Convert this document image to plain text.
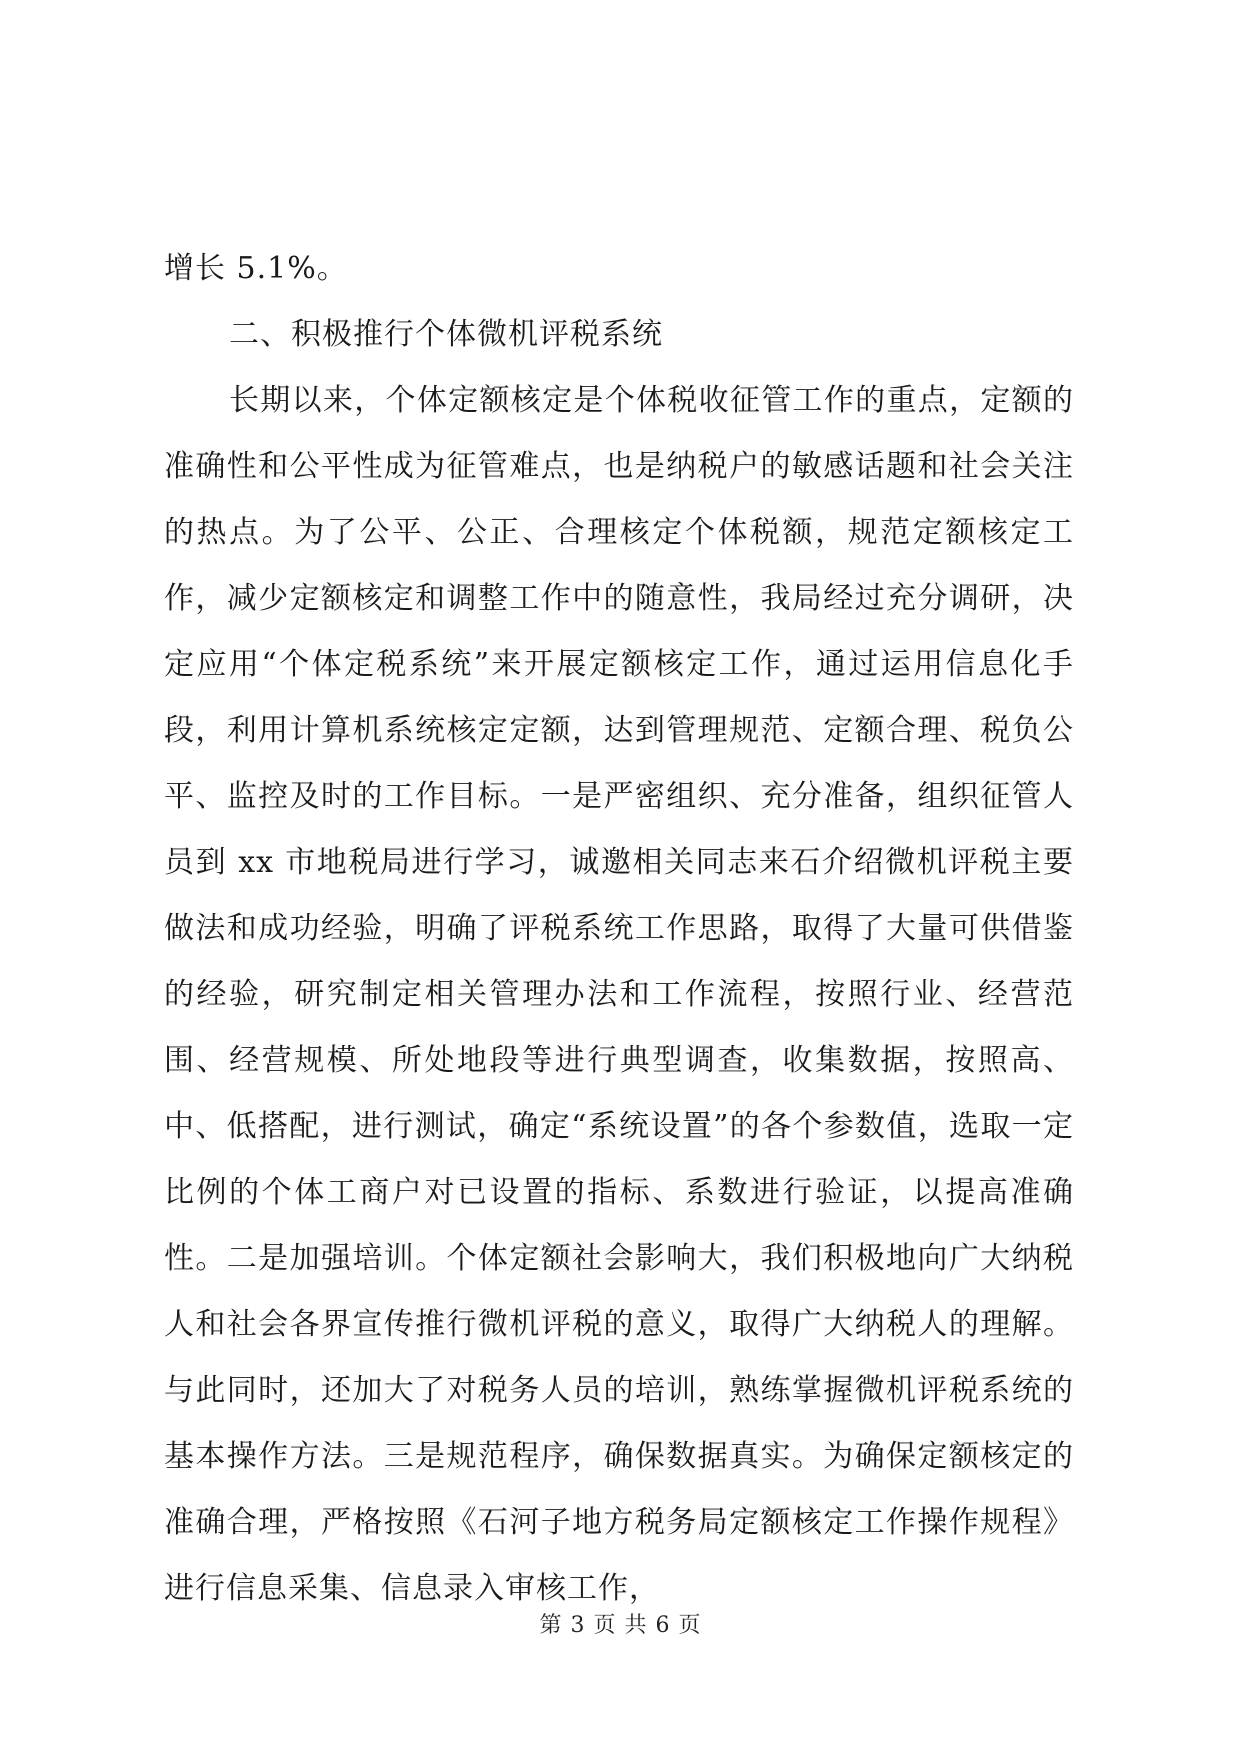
增长 5.1%。

二、积极推行个体微机评税系统

长期以来，个体定额核定是个体税收征管工作的重点，定额的准确性和公平性成为征管难点，也是纳税户的敏感话题和社会关注的热点。为了公平、公正、合理核定个体税额，规范定额核定工作，减少定额核定和调整工作中的随意性，我局经过充分调研，决定应用“个体定税系统”来开展定额核定工作，通过运用信息化手段，利用计算机系统核定定额，达到管理规范、定额合理、税负公平、监控及时的工作目标。一是严密组织、充分准备，组织征管人员到 xx 市地税局进行学习，诚邀相关同志来石介绍微机评税主要做法和成功经验，明确了评税系统工作思路，取得了大量可供借鉴的经验，研究制定相关管理办法和工作流程，按照行业、经营范围、经营规模、所处地段等进行典型调查，收集数据，按照高、中、低搭配，进行测试，确定“系统设置”的各个参数值，选取一定比例的个体工商户对已设置的指标、系数进行验证，以提高准确性。二是加强培训。个体定额社会影响大，我们积极地向广大纳税人和社会各界宣传推行微机评税的意义，取得广大纳税人的理解。与此同时，还加大了对税务人员的培训，熟练掌握微机评税系统的基本操作方法。三是规范程序，确保数据真实。为确保定额核定的准确合理，严格按照《石河子地方税务局定额核定工作操作规程》进行信息采集、信息录入审核工作，

第 3 页 共 6 页
